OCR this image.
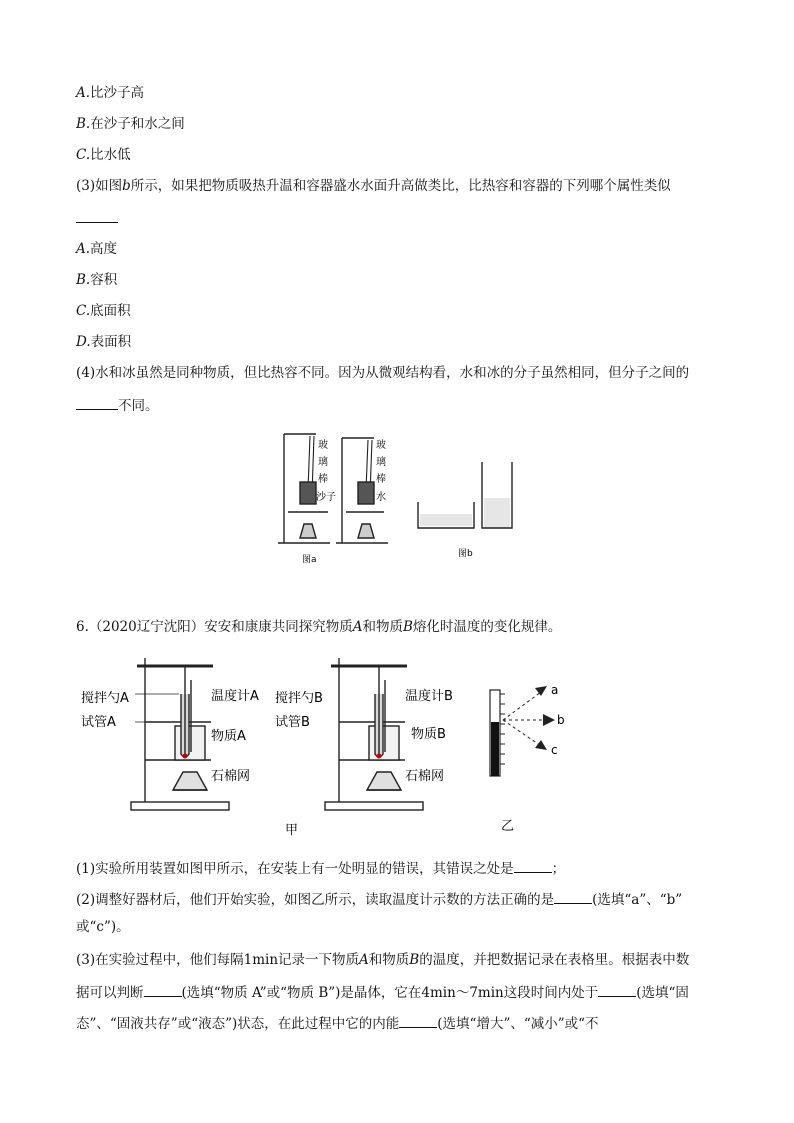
A.比沙子高
B.在沙子和水之间
C.比水低
(3)如图b所示，如果把物质吸热升温和容器盛水水面升高做类比，比热容和容器的下列哪个属性类似
A.高度
B.容积
C.底面积
D.表面积
(4)水和冰虽然是同种物质，但比热容不同。因为从微观结构看，水和冰的分子虽然相同，但分子之间的
不同。
玻
璃
棒
沙子
玻
璃
棒
水
图a
图b
6.（2020辽宁沈阳）安安和康康共同探究物质A和物质B熔化时温度的变化规律。
搅拌勺A	温度计A
试管A
物质A
石棉网
搅拌勺B	温度计B
试管B
物质B
石棉网
a
b
c
甲	乙
(1)实验所用装置如图甲所示，在安装上有一处明显的错误，其错误之处是	；
(2)调整好器材后，他们开始实验，如图乙所示，读取温度计示数的方法正确的是	(选填“a”、“b”
或“c”)。
(3)在实验过程中，他们每隔1min记录一下物质A和物质B的温度，并把数据记录在表格里。根据表中数
据可以判断	(选填“物质 A”或“物质 B”)是晶体，它在4min～7min这段时间内处于	(选填“固
态”、“固液共存”或“液态”)状态，在此过程中它的内能	(选填“增大”、“减小”或“不
